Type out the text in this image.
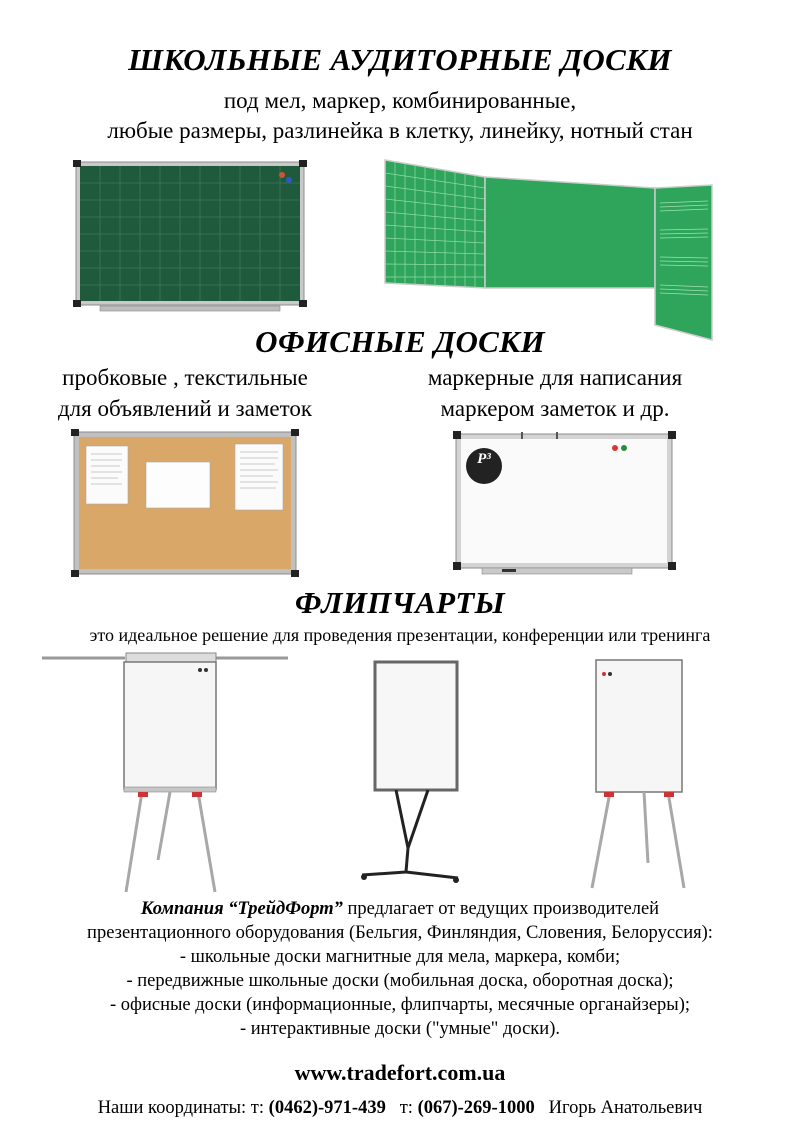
ШКОЛЬНЫЕ АУДИТОРНЫЕ ДОСКИ
под мел, маркер, комбинированные,
любые размеры, разлинейка в клетку, линейку, нотный стан
ОФИСНЫЕ ДОСКИ
пробковые , текстильные
для объявлений и заметок
маркерные для написания
маркером заметок и др.
P³
ФЛИПЧАРТЫ
это идеальное решение для проведения презентации, конференции или тренинга
Компания “ТрейдФорт” предлагает от ведущих производителей
презентационного оборудования (Бельгия, Финляндия, Словения, Белоруссия):
- школьные доски магнитные для мела, маркера, комби;
- передвижные школьные доски (мобильная доска, оборотная доска);
- офисные доски (информационные, флипчарты, месячные органайзеры);
- интерактивные доски ("умные" доски).
www.tradefort.com.ua
Наши координаты: т: (0462)-971-439   т: (067)-269-1000   Игорь Анатольевич
